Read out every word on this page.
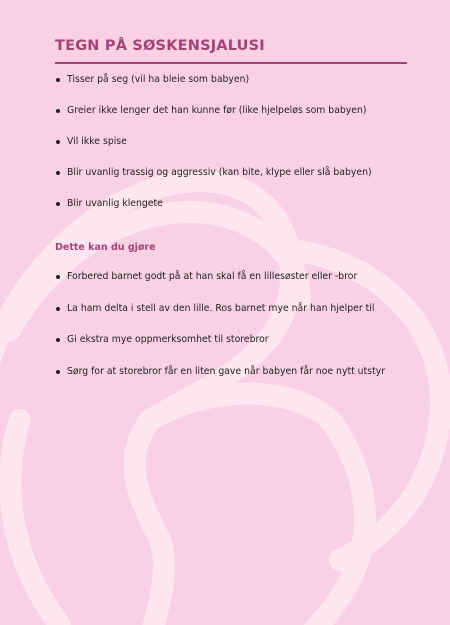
TEGN PÅ SØSKENSJALUSI
Tisser på seg (vil ha bleie som babyen)
Greier ikke lenger det han kunne før (like hjelpeløs som babyen)
Vil ikke spise
Blir uvanlig trassig og aggressiv (kan bite, klype eller slå babyen)
Blir uvanlig klengete
Dette kan du gjøre
Forbered barnet godt på at han skal få en lillesøster eller -bror
La ham delta i stell av den lille. Ros barnet mye når han hjelper til
Gi ekstra mye oppmerksomhet til storebror
Sørg for at storebror får en liten gave når babyen får noe nytt utstyr
